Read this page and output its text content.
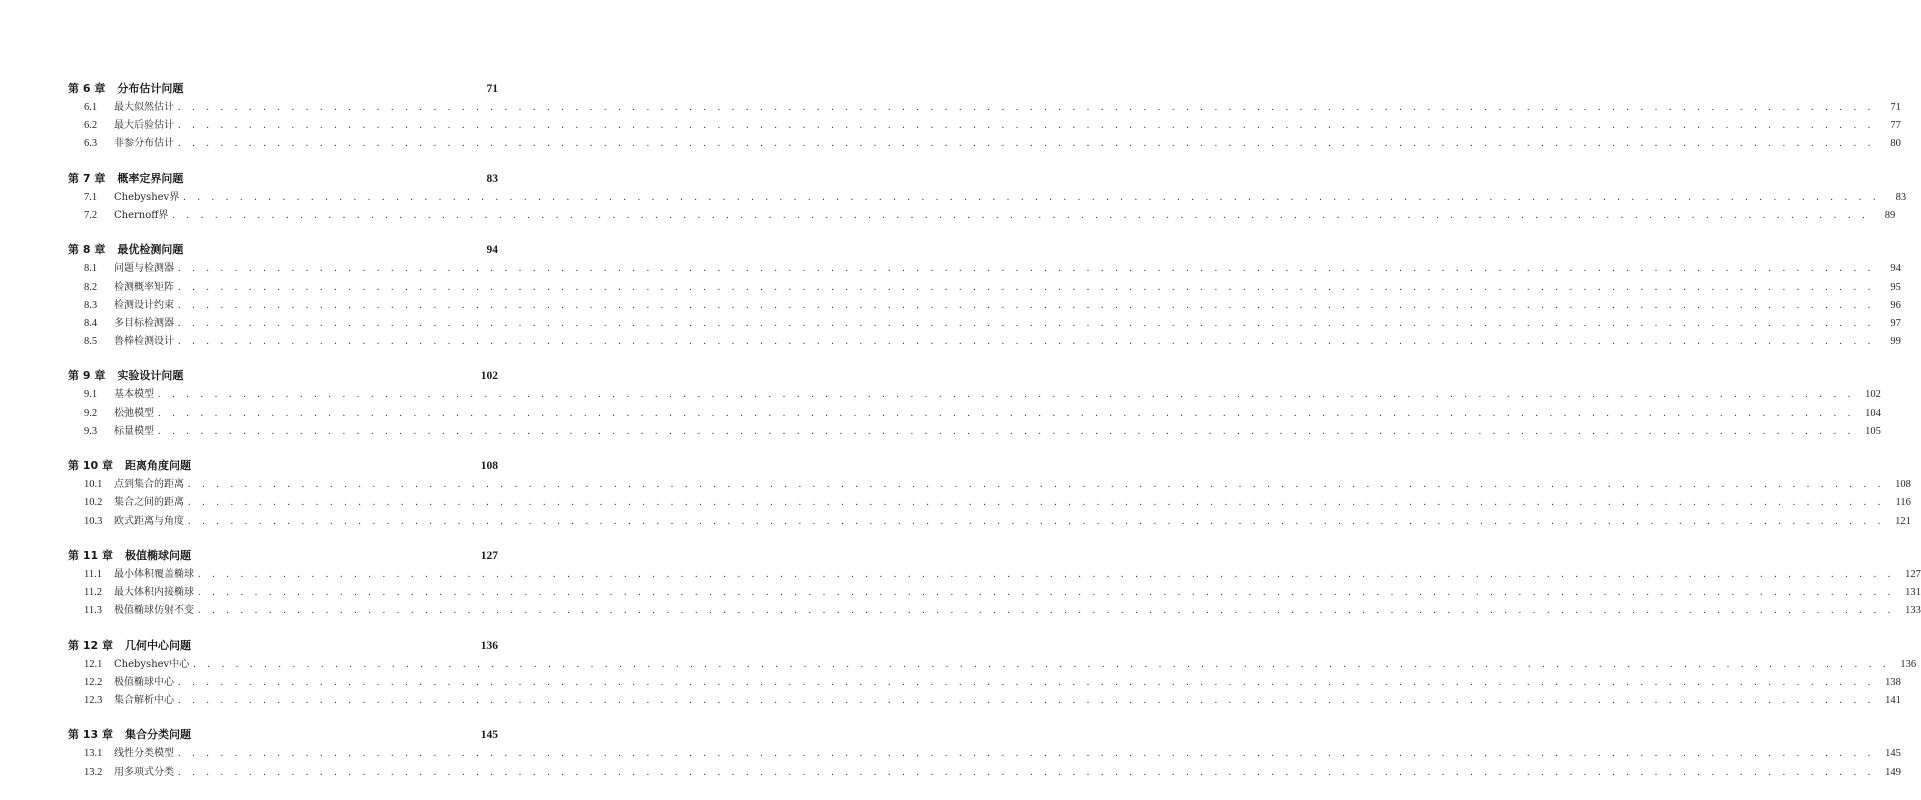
第 6 章 分布估计问题	71
6.1	最大似然估计 . . . . . . . . . . . . . . . . . . . . . . . . . . . . . . . . . . . . . . . . . . . . . . . . . . . . . . . . . . . . . . . . . . . . . . . . . . . . . . . . . . . . . . . . . . . . . . . . . . . . . . . . . . . . . . . . . . . . . . . .	71
6.2	最大后验估计 . . . . . . . . . . . . . . . . . . . . . . . . . . . . . . . . . . . . . . . . . . . . . . . . . . . . . . . . . . . . . . . . . . . . . . . . . . . . . . . . . . . . . . . . . . . . . . . . . . . . . . . . . . . . . . . . . . . . . . . .	77
6.3	非参分布估计 . . . . . . . . . . . . . . . . . . . . . . . . . . . . . . . . . . . . . . . . . . . . . . . . . . . . . . . . . . . . . . . . . . . . . . . . . . . . . . . . . . . . . . . . . . . . . . . . . . . . . . . . . . . . . . . . . . . . . . . .	80
第 7 章 概率定界问题	83
7.1	Chebyshev界 . . . . . . . . . . . . . . . . . . . . . . . . . . . . . . . . . . . . . . . . . . . . . . . . . . . . . . . . . . . . . . . . . . . . . . . . . . . . . . . . . . . . . . . . . . . . . . . . . . . . . . . . . . . . . . . . . . . . . . . .	83
7.2	Chernoff界 . . . . . . . . . . . . . . . . . . . . . . . . . . . . . . . . . . . . . . . . . . . . . . . . . . . . . . . . . . . . . . . . . . . . . . . . . . . . . . . . . . . . . . . . . . . . . . . . . . . . . . . . . . . . . . . . . . . . . . . .	89
第 8 章 最优检测问题	94
8.1	问题与检测器 . . . . . . . . . . . . . . . . . . . . . . . . . . . . . . . . . . . . . . . . . . . . . . . . . . . . . . . . . . . . . . . . . . . . . . . . . . . . . . . . . . . . . . . . . . . . . . . . . . . . . . . . . . . . . . . . . . . . . . . .	94
8.2	检测概率矩阵 . . . . . . . . . . . . . . . . . . . . . . . . . . . . . . . . . . . . . . . . . . . . . . . . . . . . . . . . . . . . . . . . . . . . . . . . . . . . . . . . . . . . . . . . . . . . . . . . . . . . . . . . . . . . . . . . . . . . . . . .	95
8.3	检测设计约束 . . . . . . . . . . . . . . . . . . . . . . . . . . . . . . . . . . . . . . . . . . . . . . . . . . . . . . . . . . . . . . . . . . . . . . . . . . . . . . . . . . . . . . . . . . . . . . . . . . . . . . . . . . . . . . . . . . . . . . . .	96
8.4	多目标检测器 . . . . . . . . . . . . . . . . . . . . . . . . . . . . . . . . . . . . . . . . . . . . . . . . . . . . . . . . . . . . . . . . . . . . . . . . . . . . . . . . . . . . . . . . . . . . . . . . . . . . . . . . . . . . . . . . . . . . . . . .	97
8.5	鲁棒检测设计 . . . . . . . . . . . . . . . . . . . . . . . . . . . . . . . . . . . . . . . . . . . . . . . . . . . . . . . . . . . . . . . . . . . . . . . . . . . . . . . . . . . . . . . . . . . . . . . . . . . . . . . . . . . . . . . . . . . . . . . .	99
第 9 章 实验设计问题	102
9.1	基本模型 . . . . . . . . . . . . . . . . . . . . . . . . . . . . . . . . . . . . . . . . . . . . . . . . . . . . . . . . . . . . . . . . . . . . . . . . . . . . . . . . . . . . . . . . . . . . . . . . . . . . . . . . . . . . . . . . . . . . . . . . 102
9.2	松弛模型 . . . . . . . . . . . . . . . . . . . . . . . . . . . . . . . . . . . . . . . . . . . . . . . . . . . . . . . . . . . . . . . . . . . . . . . . . . . . . . . . . . . . . . . . . . . . . . . . . . . . . . . . . . . . . . . . . . . . . . . . 104
9.3	标量模型 . . . . . . . . . . . . . . . . . . . . . . . . . . . . . . . . . . . . . . . . . . . . . . . . . . . . . . . . . . . . . . . . . . . . . . . . . . . . . . . . . . . . . . . . . . . . . . . . . . . . . . . . . . . . . . . . . . . . . . . . 105
第 10 章 距离角度问题	108
10.1	点到集合的距离 . . . . . . . . . . . . . . . . . . . . . . . . . . . . . . . . . . . . . . . . . . . . . . . . . . . . . . . . . . . . . . . . . . . . . . . . . . . . . . . . . . . . . . . . . . . . . . . . . . . . . . . . . . . . . . . . . . . . . . . . 108
10.2	集合之间的距离 . . . . . . . . . . . . . . . . . . . . . . . . . . . . . . . . . . . . . . . . . . . . . . . . . . . . . . . . . . . . . . . . . . . . . . . . . . . . . . . . . . . . . . . . . . . . . . . . . . . . . . . . . . . . . . . . . . . . . . . .	116
10.3	欧式距离与角度 . . . . . . . . . . . . . . . . . . . . . . . . . . . . . . . . . . . . . . . . . . . . . . . . . . . . . . . . . . . . . . . . . . . . . . . . . . . . . . . . . . . . . . . . . . . . . . . . . . . . . . . . . . . . . . . . . . . . . . . . 121
第 11 章 极值椭球问题	127
11.1	最小体积覆盖椭球 . . . . . . . . . . . . . . . . . . . . . . . . . . . . . . . . . . . . . . . . . . . . . . . . . . . . . . . . . . . . . . . . . . . . . . . . . . . . . . . . . . . . . . . . . . . . . . . . . . . . . . . . . . . . . . . . . . . . . . . . 127
11.2	最大体积内接椭球 . . . . . . . . . . . . . . . . . . . . . . . . . . . . . . . . . . . . . . . . . . . . . . . . . . . . . . . . . . . . . . . . . . . . . . . . . . . . . . . . . . . . . . . . . . . . . . . . . . . . . . . . . . . . . . . . . . . . . . . . 131
11.3	极值椭球仿射不变 . . . . . . . . . . . . . . . . . . . . . . . . . . . . . . . . . . . . . . . . . . . . . . . . . . . . . . . . . . . . . . . . . . . . . . . . . . . . . . . . . . . . . . . . . . . . . . . . . . . . . . . . . . . . . . . . . . . . . . . . 133
第 12 章 几何中心问题	136
12.1	Chebyshev中心 . . . . . . . . . . . . . . . . . . . . . . . . . . . . . . . . . . . . . . . . . . . . . . . . . . . . . . . . . . . . . . . . . . . . . . . . . . . . . . . . . . . . . . . . . . . . . . . . . . . . . . . . . . . . . . . . . . . . . . . . 136
12.2	极值椭球中心 . . . . . . . . . . . . . . . . . . . . . . . . . . . . . . . . . . . . . . . . . . . . . . . . . . . . . . . . . . . . . . . . . . . . . . . . . . . . . . . . . . . . . . . . . . . . . . . . . . . . . . . . . . . . . . . . . . . . . . . . 138
12.3	集合解析中心 . . . . . . . . . . . . . . . . . . . . . . . . . . . . . . . . . . . . . . . . . . . . . . . . . . . . . . . . . . . . . . . . . . . . . . . . . . . . . . . . . . . . . . . . . . . . . . . . . . . . . . . . . . . . . . . . . . . . . . . . 141
第 13 章 集合分类问题	145
13.1	线性分类模型 . . . . . . . . . . . . . . . . . . . . . . . . . . . . . . . . . . . . . . . . . . . . . . . . . . . . . . . . . . . . . . . . . . . . . . . . . . . . . . . . . . . . . . . . . . . . . . . . . . . . . . . . . . . . . . . . . . . . . . . . 145
13.2	用多项式分类 . . . . . . . . . . . . . . . . . . . . . . . . . . . . . . . . . . . . . . . . . . . . . . . . . . . . . . . . . . . . . . . . . . . . . . . . . . . . . . . . . . . . . . . . . . . . . . . . . . . . . . . . . . . . . . . . . . . . . . . . 149
